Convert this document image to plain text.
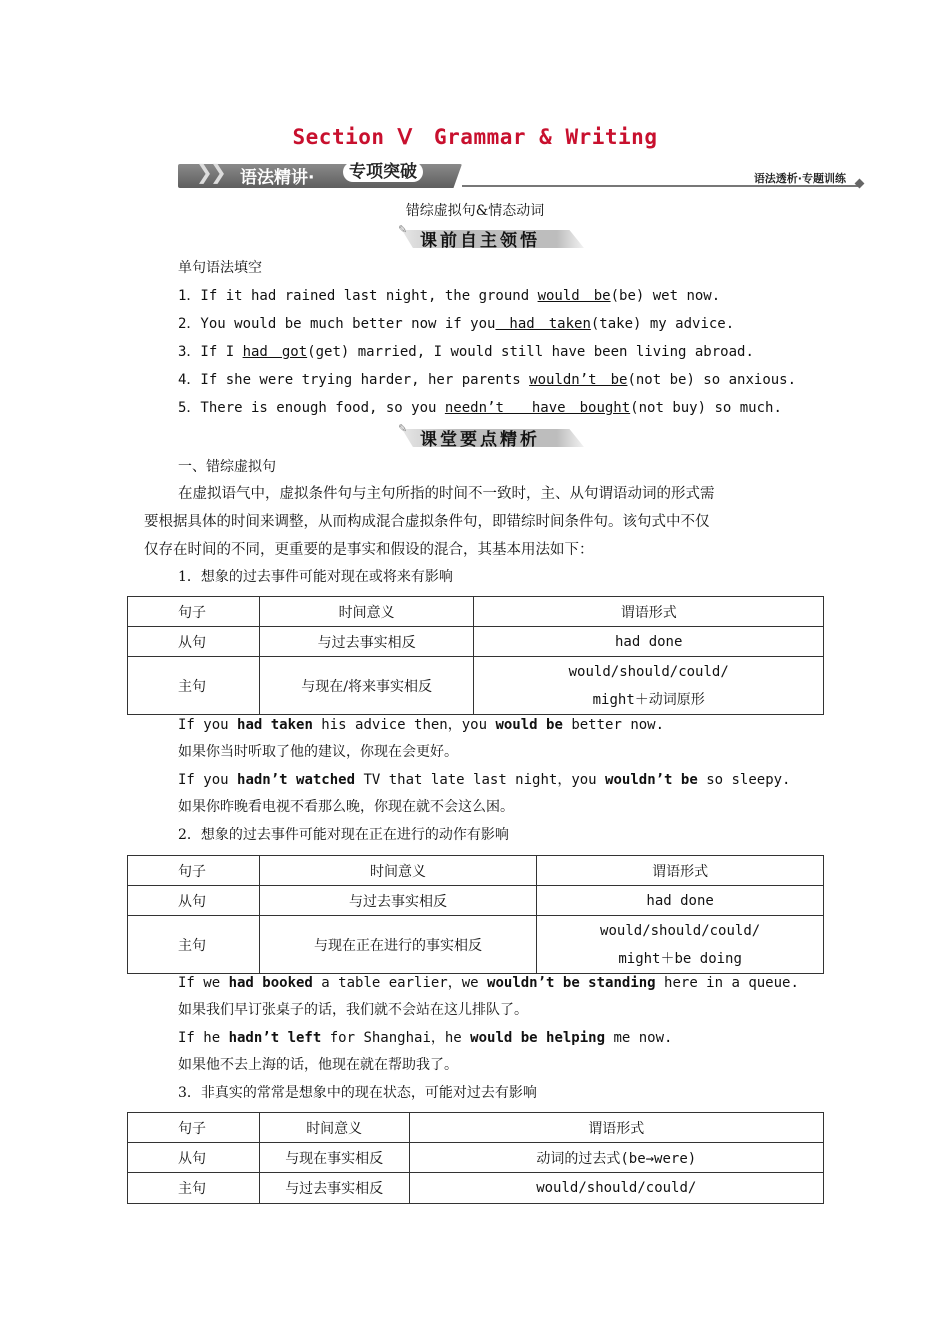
Section Ⅴ　Grammar & Writing
❯
❯ 语法精讲·	专项突破	语法透析·专题训练
错综虚拟句&情态动词
✎
课前自主领悟
单句语法填空
1．If it had rained last night, the ground would　be(be) wet now.
2．You would be much better now if you　had　taken(take) my advice.
3．If I had　got(get) married, I would still have been living abroad.
4．If she were trying harder, her parents wouldn’t　be(not be) so anxious.
5．There is enough food, so you needn’t　　have　bought(not buy) so much.
✎
课堂要点精析
一、错综虚拟句
在虚拟语气中，虚拟条件句与主句所指的时间不一致时，主、从句谓语动词的形式需
要根据具体的时间来调整，从而构成混合虚拟条件句，即错综时间条件句。该句式中不仅
仅存在时间的不同，更重要的是事实和假设的混合，其基本用法如下：
1．想象的过去事件可能对现在或将来有影响
句子	时间意义	谓语形式
从句	与过去事实相反	had done
主句	与现在/将来事实相反	would/should/could/
might＋动词原形
If you had taken his advice then，you would be better now.
如果你当时听取了他的建议，你现在会更好。
If you hadn’t watched TV that late last night，you wouldn’t be so sleepy.
如果你昨晚看电视不看那么晚，你现在就不会这么困。
2．想象的过去事件可能对现在正在进行的动作有影响
句子	时间意义	谓语形式
从句	与过去事实相反	had done
主句	与现在正在进行的事实相反	would/should/could/
might＋be doing
If we had booked a table earlier，we wouldn’t be standing here in a queue.
如果我们早订张桌子的话，我们就不会站在这儿排队了。
If he hadn’t left for Shanghai，he would be helping me now.
如果他不去上海的话，他现在就在帮助我了。
3．非真实的常常是想象中的现在状态，可能对过去有影响
句子	时间意义	谓语形式
从句	与现在事实相反	动词的过去式(be→were)
主句	与过去事实相反	would/should/could/
